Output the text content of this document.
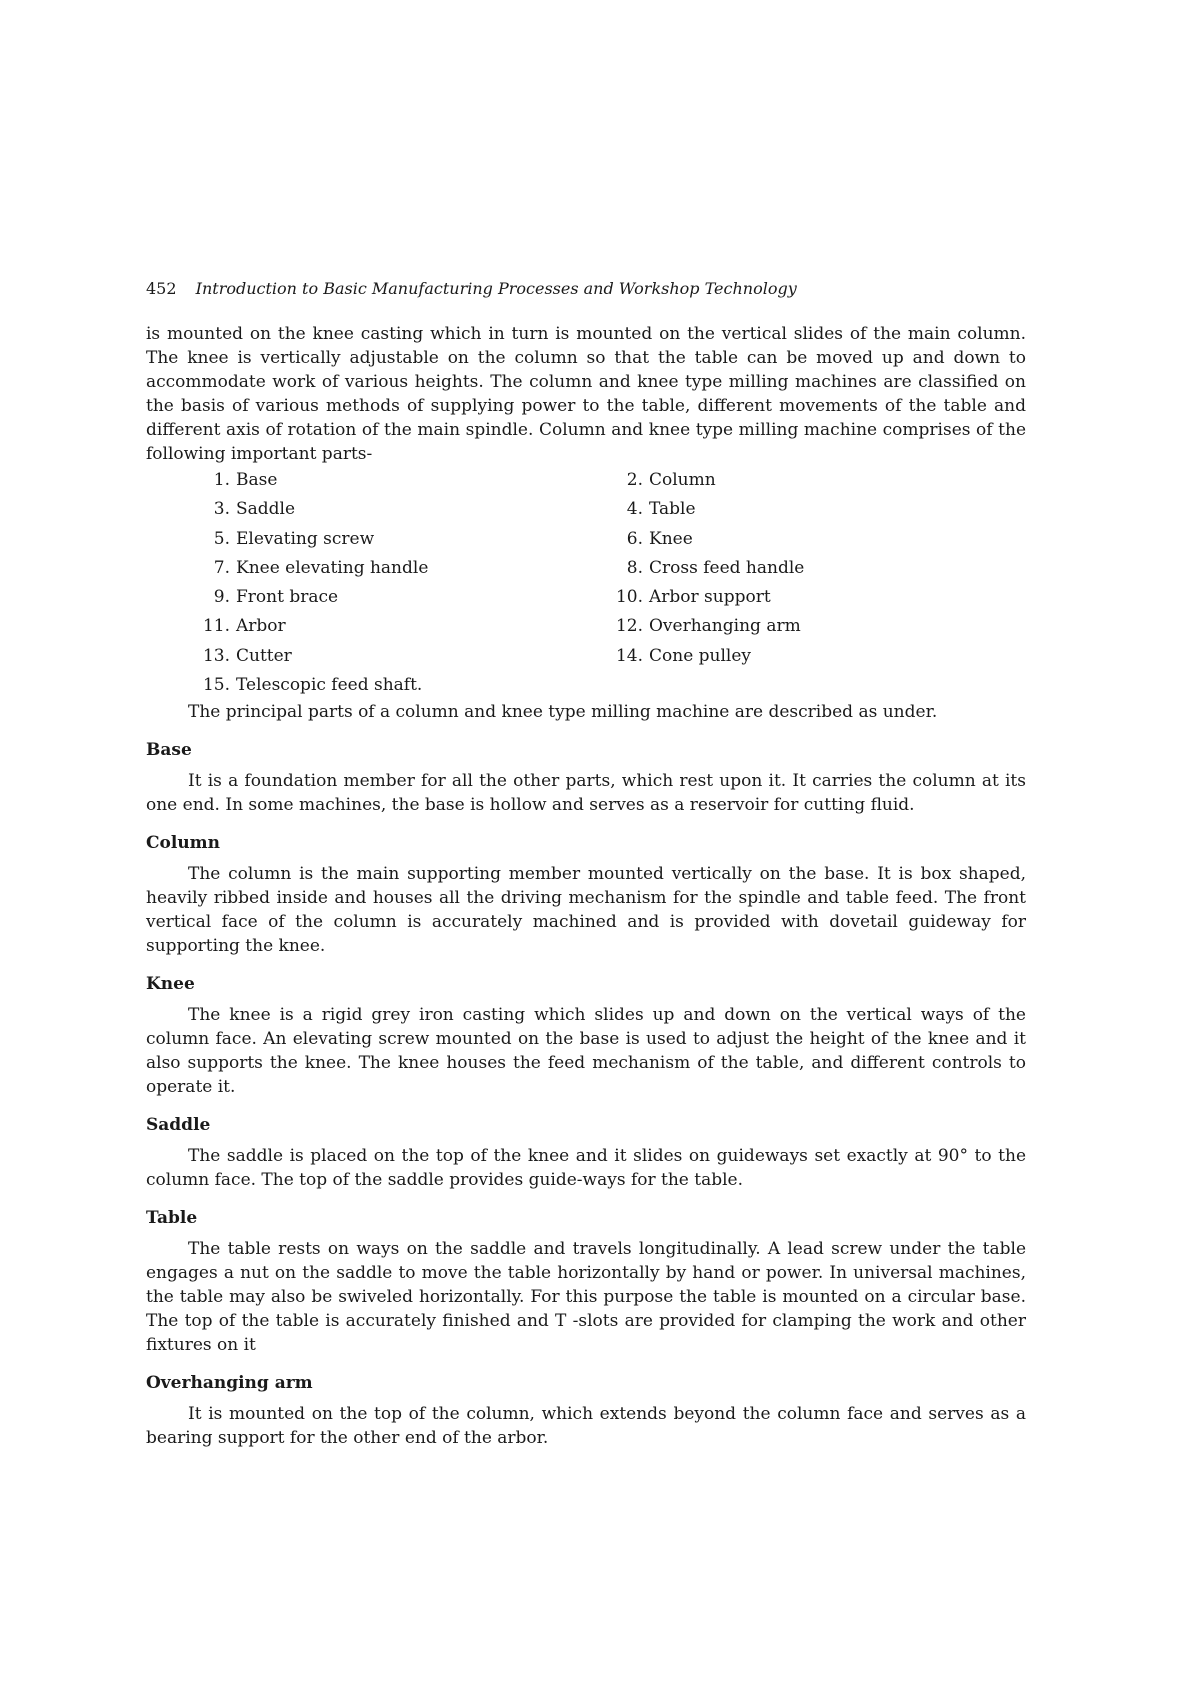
452 Introduction to Basic Manufacturing Processes and Workshop Technology

is mounted on the knee casting which in turn is mounted on the vertical slides of the main column. The knee is vertically adjustable on the column so that the table can be moved up and down to accommodate work of various heights. The column and knee type milling machines are classified on the basis of various methods of supplying power to the table, different movements of the table and different axis of rotation of the main spindle. Column and knee type milling machine comprises of the following important parts-

1. Base	2. Column
3. Saddle	4. Table
5. Elevating screw	6. Knee
7. Knee elevating handle	8. Cross feed handle
9. Front brace	10. Arbor support
11. Arbor	12. Overhanging arm
13. Cutter	14. Cone pulley
15. Telescopic feed shaft.

The principal parts of a column and knee type milling machine are described as under.

Base

It is a foundation member for all the other parts, which rest upon it. It carries the column at its one end. In some machines, the base is hollow and serves as a reservoir for cutting fluid.

Column

The column is the main supporting member mounted vertically on the base. It is box shaped, heavily ribbed inside and houses all the driving mechanism for the spindle and table feed. The front vertical face of the column is accurately machined and is provided with dovetail guideway for supporting the knee.

Knee

The knee is a rigid grey iron casting which slides up and down on the vertical ways of the column face. An elevating screw mounted on the base is used to adjust the height of the knee and it also supports the knee. The knee houses the feed mechanism of the table, and different controls to operate it.

Saddle

The saddle is placed on the top of the knee and it slides on guideways set exactly at 90° to the column face. The top of the saddle provides guide-ways for the table.

Table

The table rests on ways on the saddle and travels longitudinally. A lead screw under the table engages a nut on the saddle to move the table horizontally by hand or power. In universal machines, the table may also be swiveled horizontally. For this purpose the table is mounted on a circular base. The top of the table is accurately finished and T -slots are provided for clamping the work and other fixtures on it

Overhanging arm

It is mounted on the top of the column, which extends beyond the column face and serves as a bearing support for the other end of the arbor.
